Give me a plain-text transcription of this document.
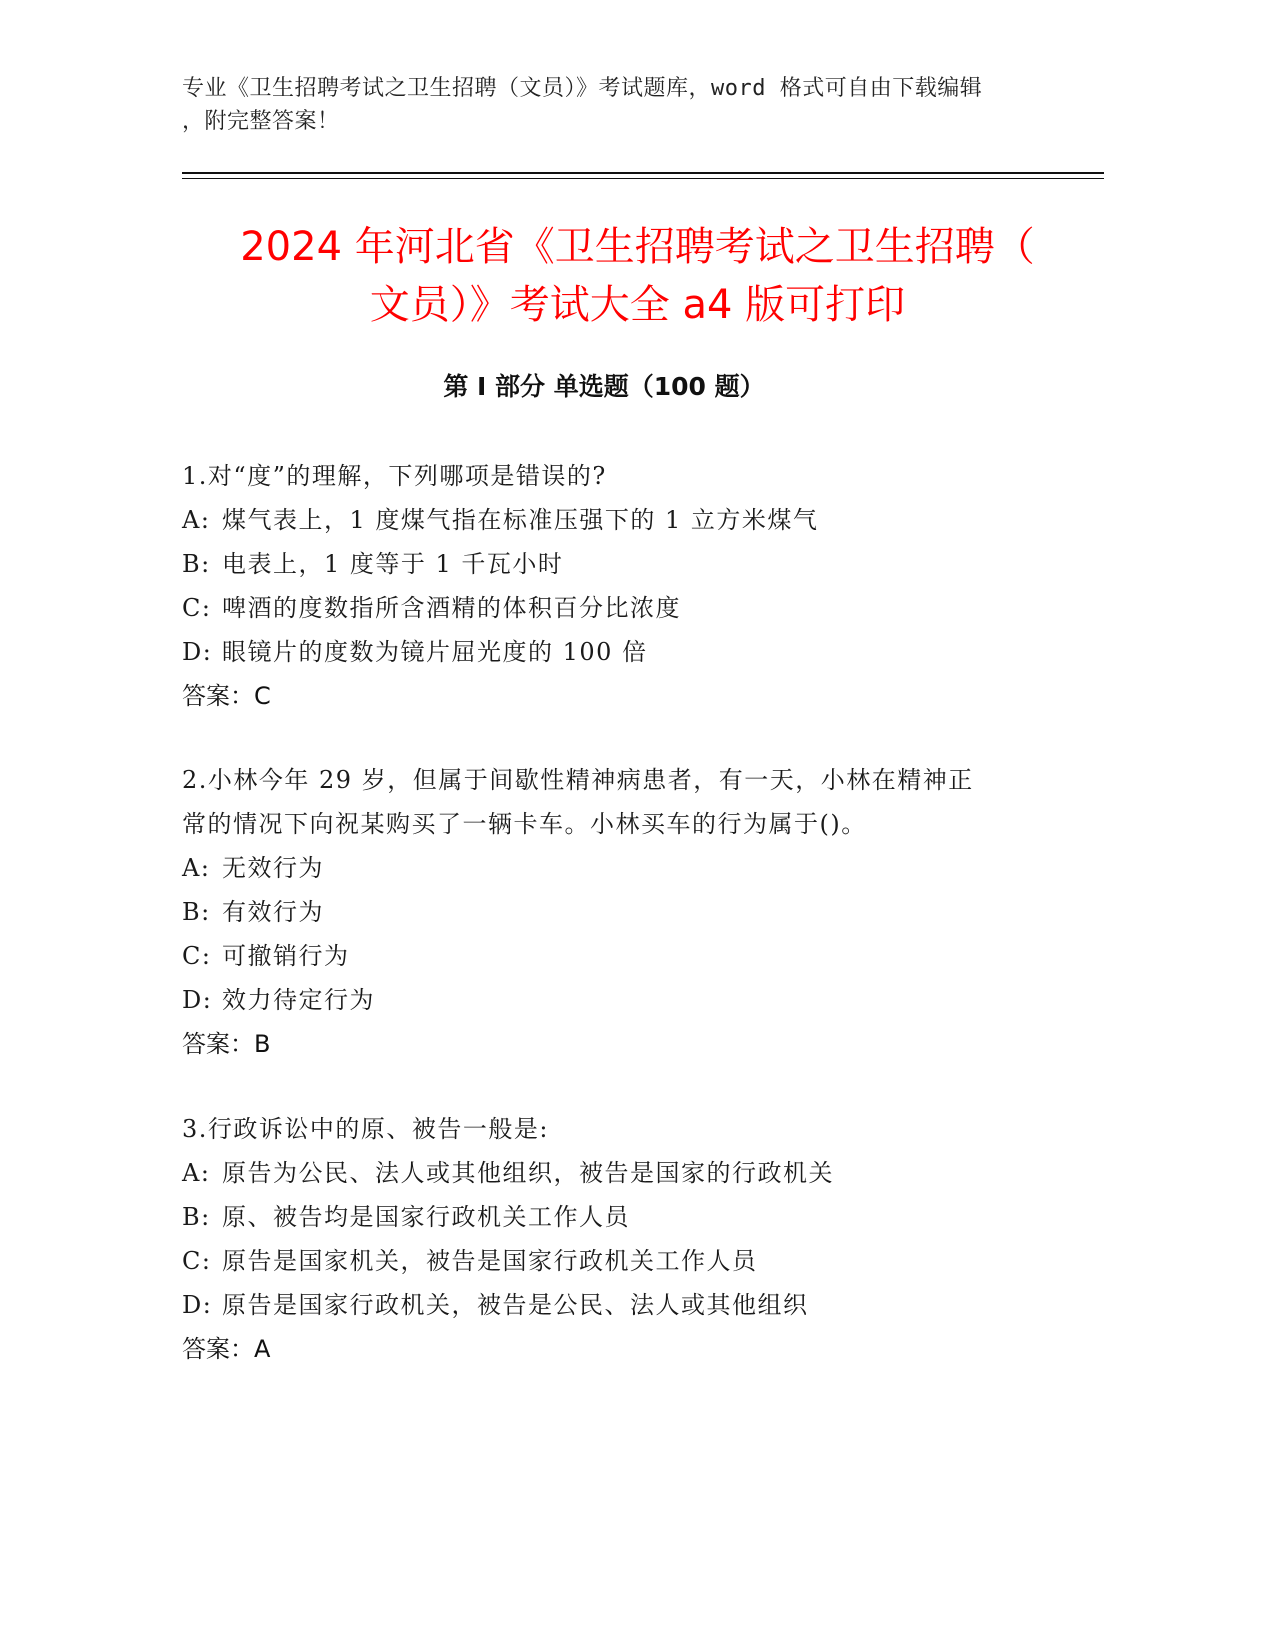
专业《卫生招聘考试之卫生招聘（文员）》考试题库，word 格式可自由下载编辑
，附完整答案！
2024 年河北省《卫生招聘考试之卫生招聘（
文员）》考试大全 a4 版可打印
第 I 部分 单选题（100 题）

1.对“度”的理解，下列哪项是错误的?

A: 煤气表上，1 度煤气指在标准压强下的 1 立方米煤气

B: 电表上，1 度等于 1 千瓦小时

C: 啤酒的度数指所含酒精的体积百分比浓度

D: 眼镜片的度数为镜片屈光度的 100 倍

答案：C

2.小林今年 29 岁，但属于间歇性精神病患者，有一天，小林在精神正

常的情况下向祝某购买了一辆卡车。小林买车的行为属于()。

A: 无效行为

B: 有效行为

C: 可撤销行为

D: 效力待定行为

答案：B

3.行政诉讼中的原、被告一般是:

A: 原告为公民、法人或其他组织，被告是国家的行政机关

B: 原、被告均是国家行政机关工作人员

C: 原告是国家机关，被告是国家行政机关工作人员

D: 原告是国家行政机关，被告是公民、法人或其他组织

答案：A
